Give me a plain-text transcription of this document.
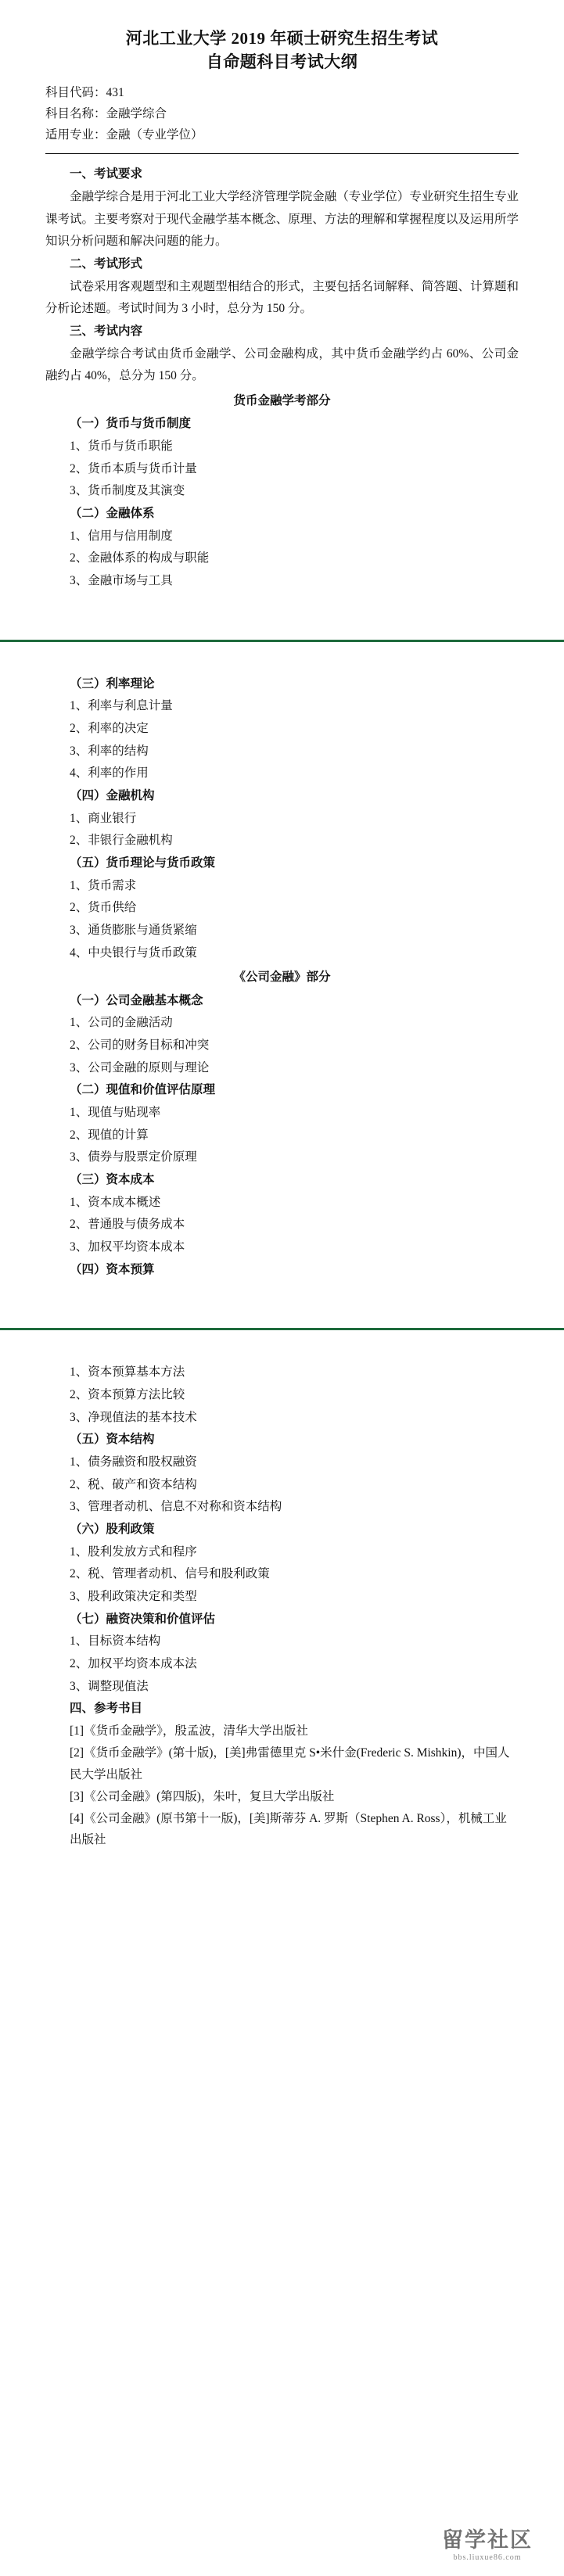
河北工业大学 2019 年硕士研究生招生考试
自命题科目考试大纲
科目代码：431
科目名称：金融学综合
适用专业：金融（专业学位）

一、考试要求

金融学综合是用于河北工业大学经济管理学院金融（专业学位）专业研究生招生专业课考试。主要考察对于现代金融学基本概念、原理、方法的理解和掌握程度以及运用所学知识分析问题和解决问题的能力。

二、考试形式

试卷采用客观题型和主观题型相结合的形式，主要包括名词解释、简答题、计算题和分析论述题。考试时间为 3 小时，总分为 150 分。

三、考试内容

金融学综合考试由货币金融学、公司金融构成，其中货币金融学约占 60%、公司金融约占 40%，总分为 150 分。

货币金融学考部分

（一）货币与货币制度

1、货币与货币职能

2、货币本质与货币计量

3、货币制度及其演变

（二）金融体系

1、信用与信用制度

2、金融体系的构成与职能

3、金融市场与工具

（三）利率理论

1、利率与利息计量

2、利率的决定

3、利率的结构

4、利率的作用

（四）金融机构

1、商业银行

2、非银行金融机构

（五）货币理论与货币政策

1、货币需求

2、货币供给

3、通货膨胀与通货紧缩

4、中央银行与货币政策

《公司金融》部分

（一）公司金融基本概念

1、公司的金融活动

2、公司的财务目标和冲突

3、公司金融的原则与理论

（二）现值和价值评估原理

1、现值与贴现率

2、现值的计算

3、债券与股票定价原理

（三）资本成本

1、资本成本概述

2、普通股与债务成本

3、加权平均资本成本

（四）资本预算

1、资本预算基本方法

2、资本预算方法比较

3、净现值法的基本技术

（五）资本结构

1、债务融资和股权融资

2、税、破产和资本结构

3、管理者动机、信息不对称和资本结构

（六）股利政策

1、股利发放方式和程序

2、税、管理者动机、信号和股利政策

3、股利政策决定和类型

（七）融资决策和价值评估

1、目标资本结构

2、加权平均资本成本法

3、调整现值法

四、参考书目

[1]《货币金融学》，殷孟波，清华大学出版社

[2]《货币金融学》(第十版)，[美]弗雷德里克 S•米什金(Frederic S. Mishkin)，中国人民大学出版社

[3]《公司金融》(第四版)，朱叶，复旦大学出版社

[4]《公司金融》(原书第十一版)，[美]斯蒂芬 A. 罗斯（Stephen A. Ross），机械工业出版社

留学社区
bbs.liuxue86.com
